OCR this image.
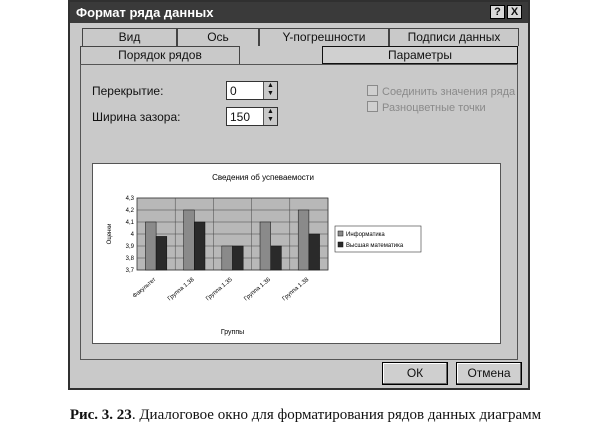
Формат ряда данных	? X
Вид	Ось	Y-погрешности	Подписи данных
Порядок рядов	Параметры
Перекрытие:	0	▲
▼
Ширина зазора:	150	▲
▼
Соединить значения ряда
Разноцветные точки
Сведения об успеваемости
3,7
3,8
3,9
4
4,1
4,2
4,3
Факультет Группа 1.38 Группа 1.35 Группа 1.36 Группа 1.38
Группы
Оценки	Информатика
Высшая математика
ОК	Отмена
Рис. 3. 23. Диалоговое окно для форматирования рядов данных диаграмм
